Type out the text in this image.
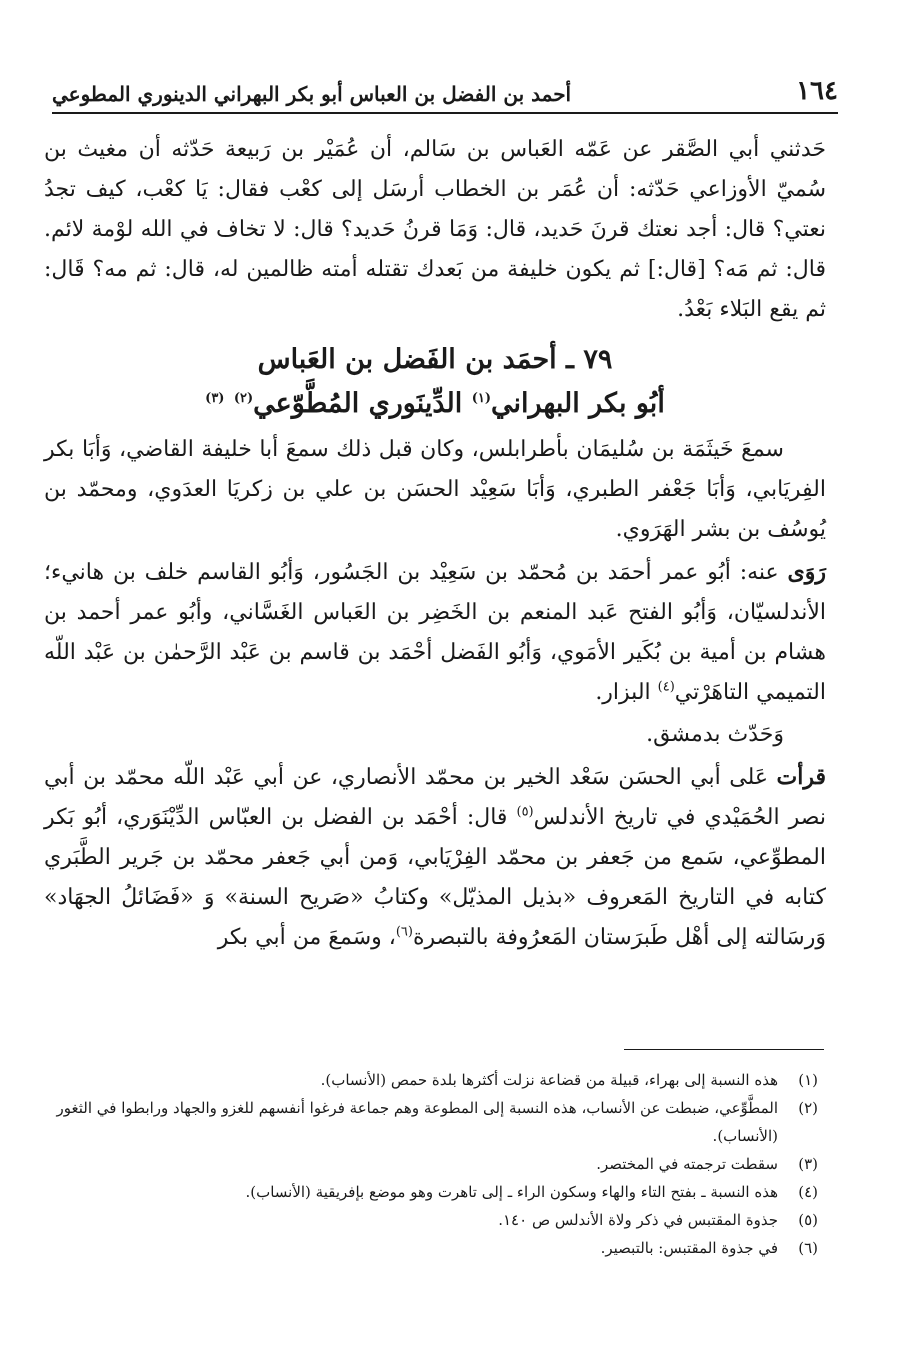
١٦٤
أحمد بن الفضل بن العباس أبو بكر البهراني الدينوري المطوعي

حَدثني أبي الصَّقر عن عَمّه العَباس بن سَالم، أن عُمَيْر بن رَبيعة حَدّثه أن مغيث بن سُميّ الأوزاعي حَدّثه: أن عُمَر بن الخطاب أرسَل إلى كعْب فقال: يَا كعْب، كيف تجدُ نعتي؟ قال: أجد نعتك قرنَ حَديد، قال: وَمَا قرنُ حَديد؟ قال: لا تخاف في الله لوْمة لائم. قال: ثم مَه؟ [قال:] ثم يكون خليفة من بَعدك تقتله أمته ظالمين له، قال: ثم مه؟ قَال: ثم يقع البَلاء بَعْدُ.

٧٩ ـ أحمَد بن الفَضل بن العَباس
أبُو بكر البهراني$^{(١)}$ الدِّينَوري المُطَّوّعي$^{(٢)}$ $^{(٣)}$

سمعَ خَيثَمَة بن سُليمَان بأطرابلس، وكان قبل ذلك سمعَ أبا خليفة القاضي، وَأبَا بكر الفِريَابي، وَأبَا جَعْفر الطبري، وَأبَا سَعِيْد الحسَن بن علي بن زكريَا العدَوي، ومحمّد بن يُوسُف بن بشر الهَرَوي.

رَوَى عنه: أبُو عمر أحمَد بن مُحمّد بن سَعِيْد بن الجَسُور، وَأبُو القاسم خلف بن هانيء؛ الأندلسيّان، وَأبُو الفتح عَبد المنعم بن الخَضِر بن العَباس الغَسَّاني، وأبُو عمر أحمد بن هشام بن أمية بن بُكَير الأمَوي، وَأبُو الفَضل أحْمَد بن قاسم بن عَبْد الرَّحمٰن بن عَبْد اللّه التميمي التاهَرْتي$^{(٤)}$ البزار.

وَحَدّث بدمشق.

قرأت عَلى أبي الحسَن سَعْد الخير بن محمّد الأنصاري، عن أبي عَبْد اللّه محمّد بن أبي نصر الحُمَيْدي في تاريخ الأندلس$^{(٥)}$ قال: أحْمَد بن الفضل بن العبّاس الدِّيْنَوَري، أبُو بَكر المطوِّعي، سَمع من جَعفر بن محمّد الفِرْيَابي، وَمن أبي جَعفر محمّد بن جَرير الطَّبَري كتابه في التاريخ المَعروف «بذيل المذيّل» وكتابُ «صَريح السنة» وَ «فَضَائلُ الجهَاد» وَرسَالته إلى أهْل طَبرَستان المَعرُوفة بالتبصرة$^{(٦)}$، وسَمعَ من أبي بكر

(١)
هذه النسبة إلى بهراء، قبيلة من قضاعة نزلت أكثرها بلدة حمص (الأنساب).
(٢)
المطَّوِّعي، ضبطت عن الأنساب، هذه النسبة إلى المطوعة وهم جماعة فرغوا أنفسهم للغزو والجهاد ورابطوا في الثغور (الأنساب).
(٣)
سقطت ترجمته في المختصر.
(٤)
هذه النسبة ـ بفتح التاء والهاء وسكون الراء ـ إلى تاهرت وهو موضع بإفريقية (الأنساب).
(٥)
جذوة المقتبس في ذكر ولاة الأندلس ص ١٤٠.
(٦)
في جذوة المقتبس: بالتبصير.
